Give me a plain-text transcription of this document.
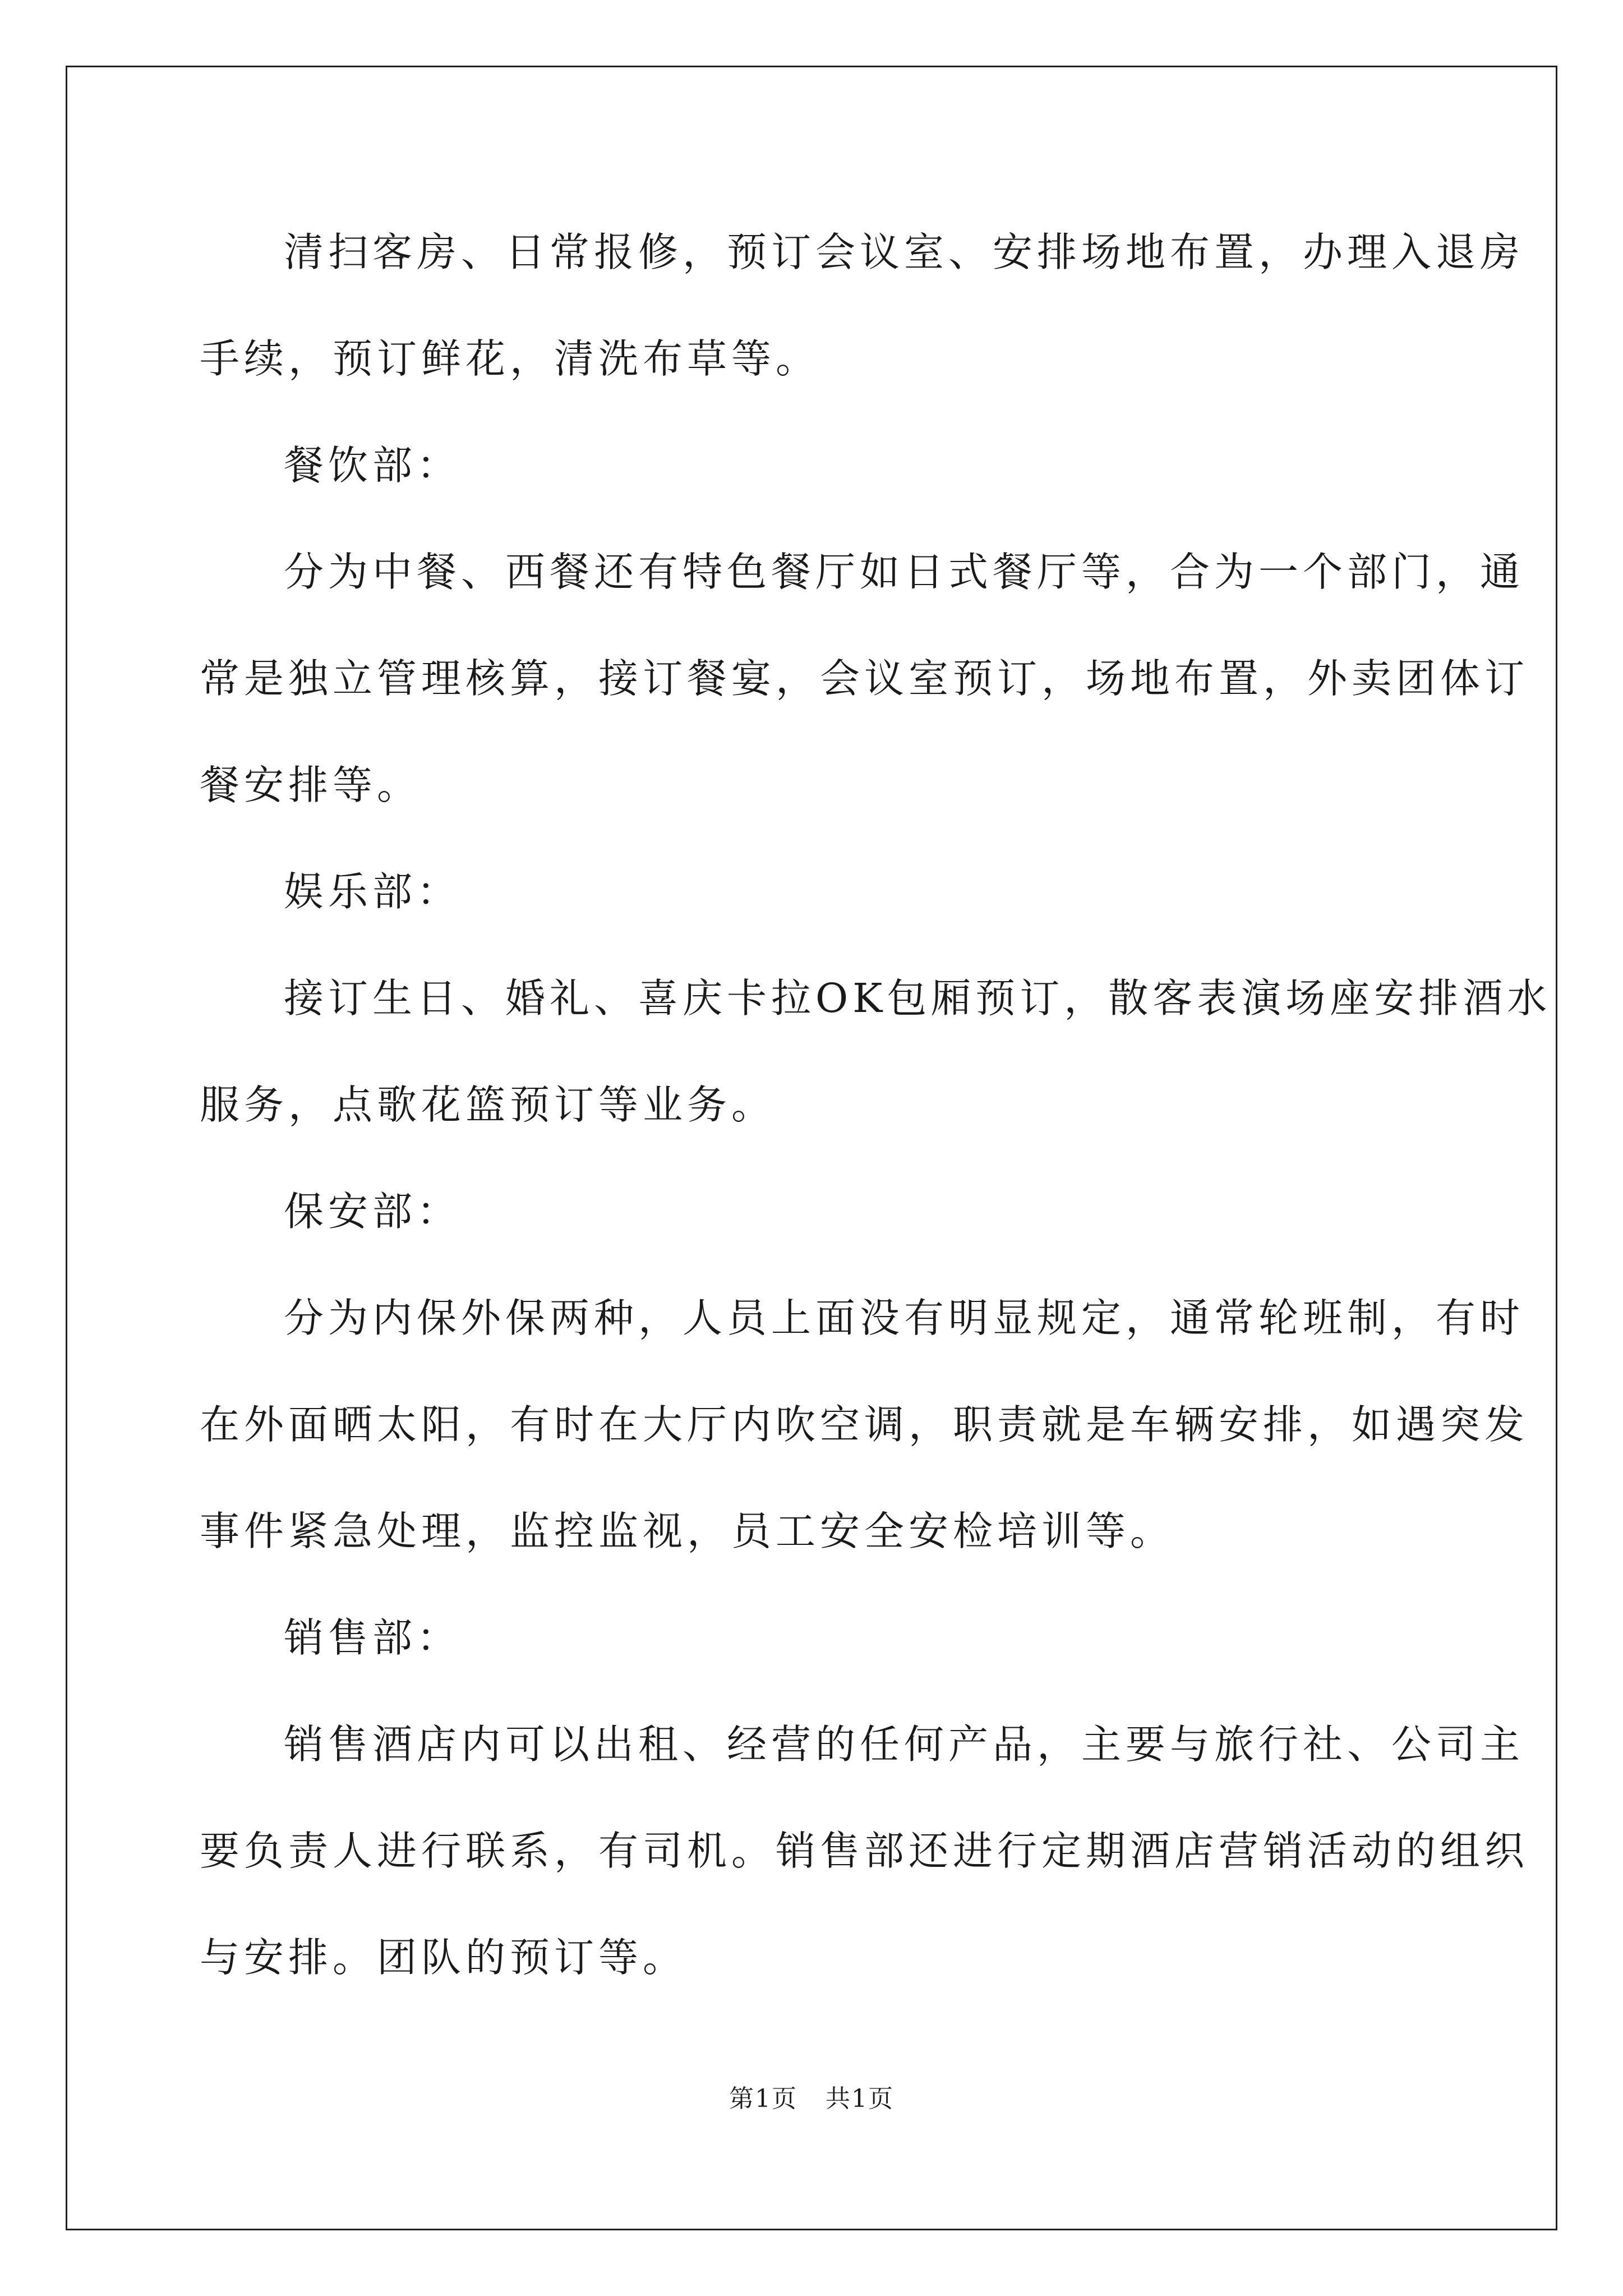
清扫客房、日常报修，预订会议室、安排场地布置，办理入退房
手续，预订鲜花，清洗布草等。

餐饮部：

分为中餐、西餐还有特色餐厅如日式餐厅等，合为一个部门，通
常是独立管理核算，接订餐宴，会议室预订，场地布置，外卖团体订
餐安排等。

娱乐部：

接订生日、婚礼、喜庆卡拉OK包厢预订，散客表演场座安排酒水
服务，点歌花篮预订等业务。

保安部：

分为内保外保两种，人员上面没有明显规定，通常轮班制，有时
在外面晒太阳，有时在大厅内吹空调，职责就是车辆安排，如遇突发
事件紧急处理，监控监视，员工安全安检培训等。

销售部：

销售酒店内可以出租、经营的任何产品，主要与旅行社、公司主
要负责人进行联系，有司机。销售部还进行定期酒店营销活动的组织
与安排。团队的预订等。

第1页 共1页
